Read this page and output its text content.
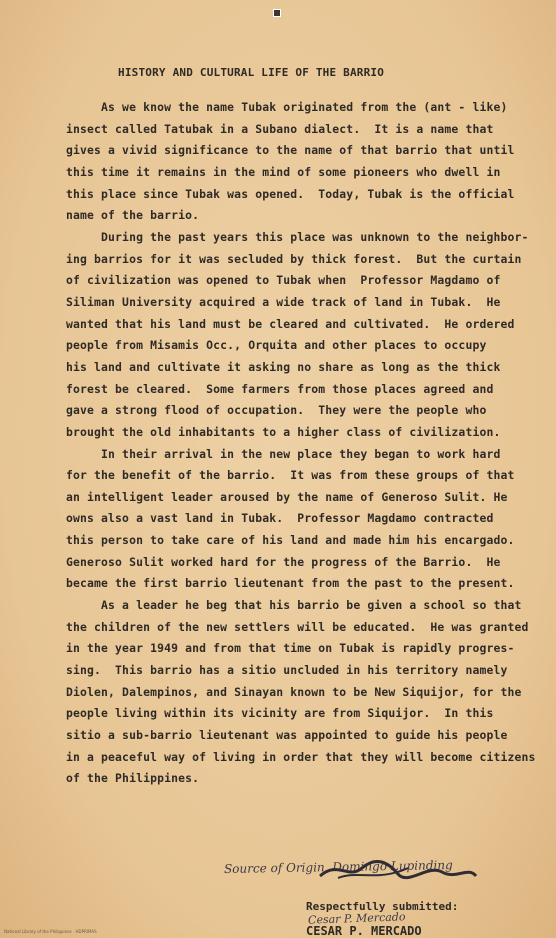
HISTORY AND CULTURAL LIFE OF THE BARRIO
As we know the name Tubak originated from the (ant - like)
insect called Tatubak in a Subano dialect.  It is a name that
gives a vivid significance to the name of that barrio that until
this time it remains in the mind of some pioneers who dwell in
this place since Tubak was opened.  Today, Tubak is the official
name of the barrio.
During the past years this place was unknown to the neighbor-
ing barrios for it was secluded by thick forest.  But the curtain
of civilization was opened to Tubak when  Professor Magdamo of
Siliman University acquired a wide track of land in Tubak.  He
wanted that his land must be cleared and cultivated.  He ordered
people from Misamis Occ., Orquita and other places to occupy
his land and cultivate it asking no share as long as the thick
forest be cleared.  Some farmers from those places agreed and
gave a strong flood of occupation.  They were the people who
brought the old inhabitants to a higher class of civilization.
In their arrival in the new place they began to work hard
for the benefit of the barrio.  It was from these groups of that
an intelligent leader aroused by the name of Generoso Sulit. He
owns also a vast land in Tubak.  Professor Magdamo contracted
this person to take care of his land and made him his encargado.
Generoso Sulit worked hard for the progress of the Barrio.  He
became the first barrio lieutenant from the past to the present.
As a leader he beg that his barrio be given a school so that
the children of the new settlers will be educated.  He was granted
in the year 1949 and from that time on Tubak is rapidly progres-
sing.  This barrio has a sitio uncluded in his territory namely
Diolen, Dalempinos, and Sinayan known to be New Siquijor, for the
people living within its vicinity are from Siquijor.  In this
sitio a sub-barrio lieutenant was appointed to guide his people
in a peaceful way of living in order that they will become citizens
of the Philippines.
Source of Origin  Domingo Lupinding
Respectfully submitted:
Cesar P. Mercado
CESAR P. MERCADO
National Library of the Philippines   HDPRIMAS
